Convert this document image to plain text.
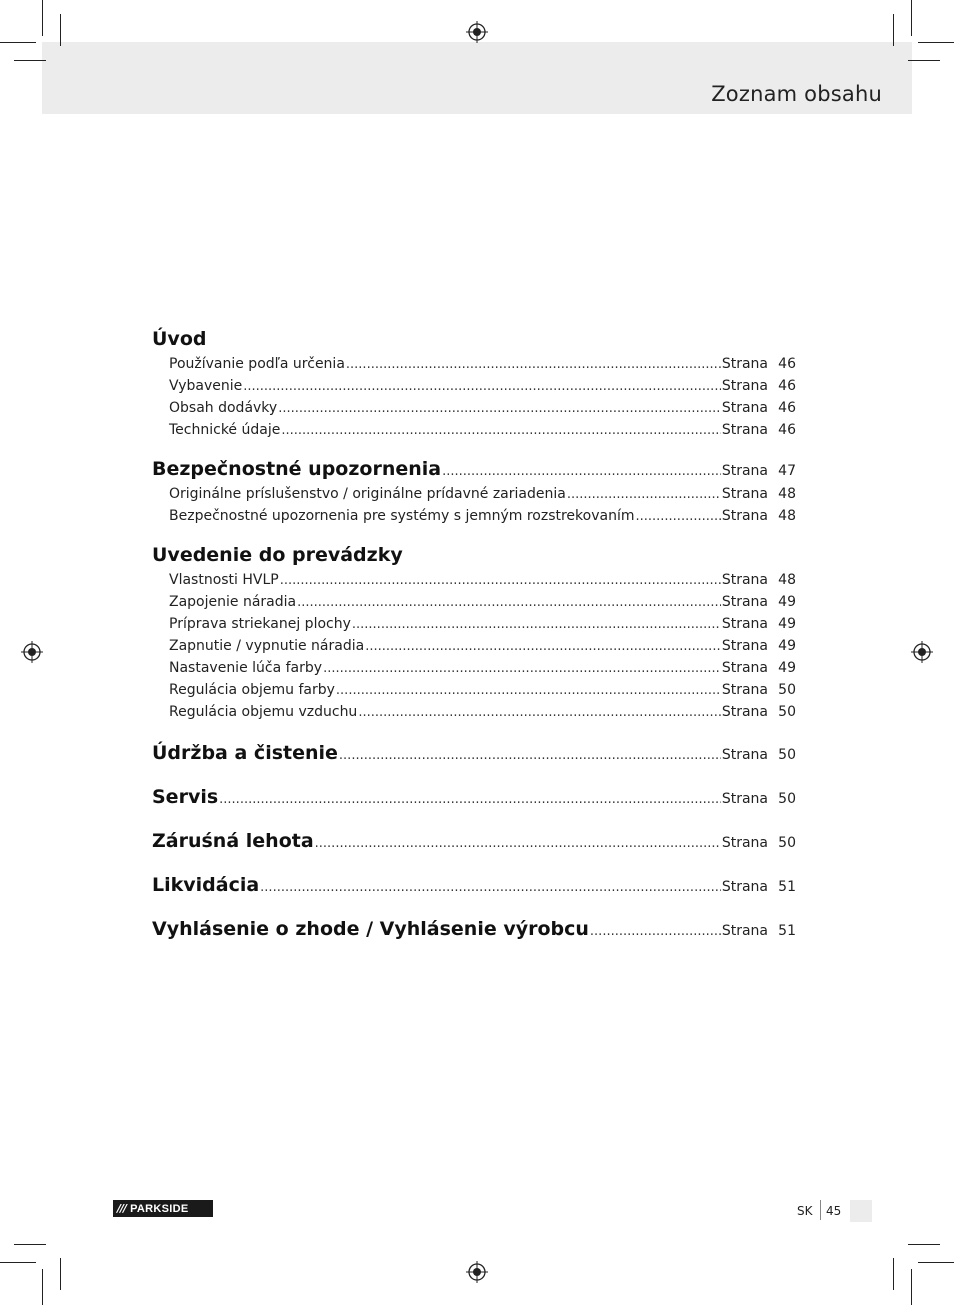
Zoznam obsahu
Úvod
Používanie podľa určenia .....	Strana 46
Vybavenie .....	Strana 46
Obsah dodávky .....	Strana 46
Technické údaje .....	Strana 46
Bezpečnostné upozornenia .....	Strana 47
Originálne príslušenstvo / originálne prídavné zariadenia .....	Strana 48
Bezpečnostné upozornenia pre systémy s jemným rozstrekovaním .....	Strana 48
Uvedenie do prevádzky
Vlastnosti HVLP .....	Strana 48
Zapojenie náradia .....	Strana 49
Príprava striekanej plochy .....	Strana 49
Zapnutie / vypnutie náradia .....	Strana 49
Nastavenie lúča farby .....	Strana 49
Regulácia objemu farby .....	Strana 50
Regulácia objemu vzduchu .....	Strana 50
Údržba a čistenie .....	Strana 50
Servis .....	Strana 50
Záruśná lehota .....	Strana 50
Likvidácia .....	Strana 51
Vyhlásenie o zhode / Vyhlásenie výrobcu .....	Strana 51
/// PARKSIDE	SK 45
